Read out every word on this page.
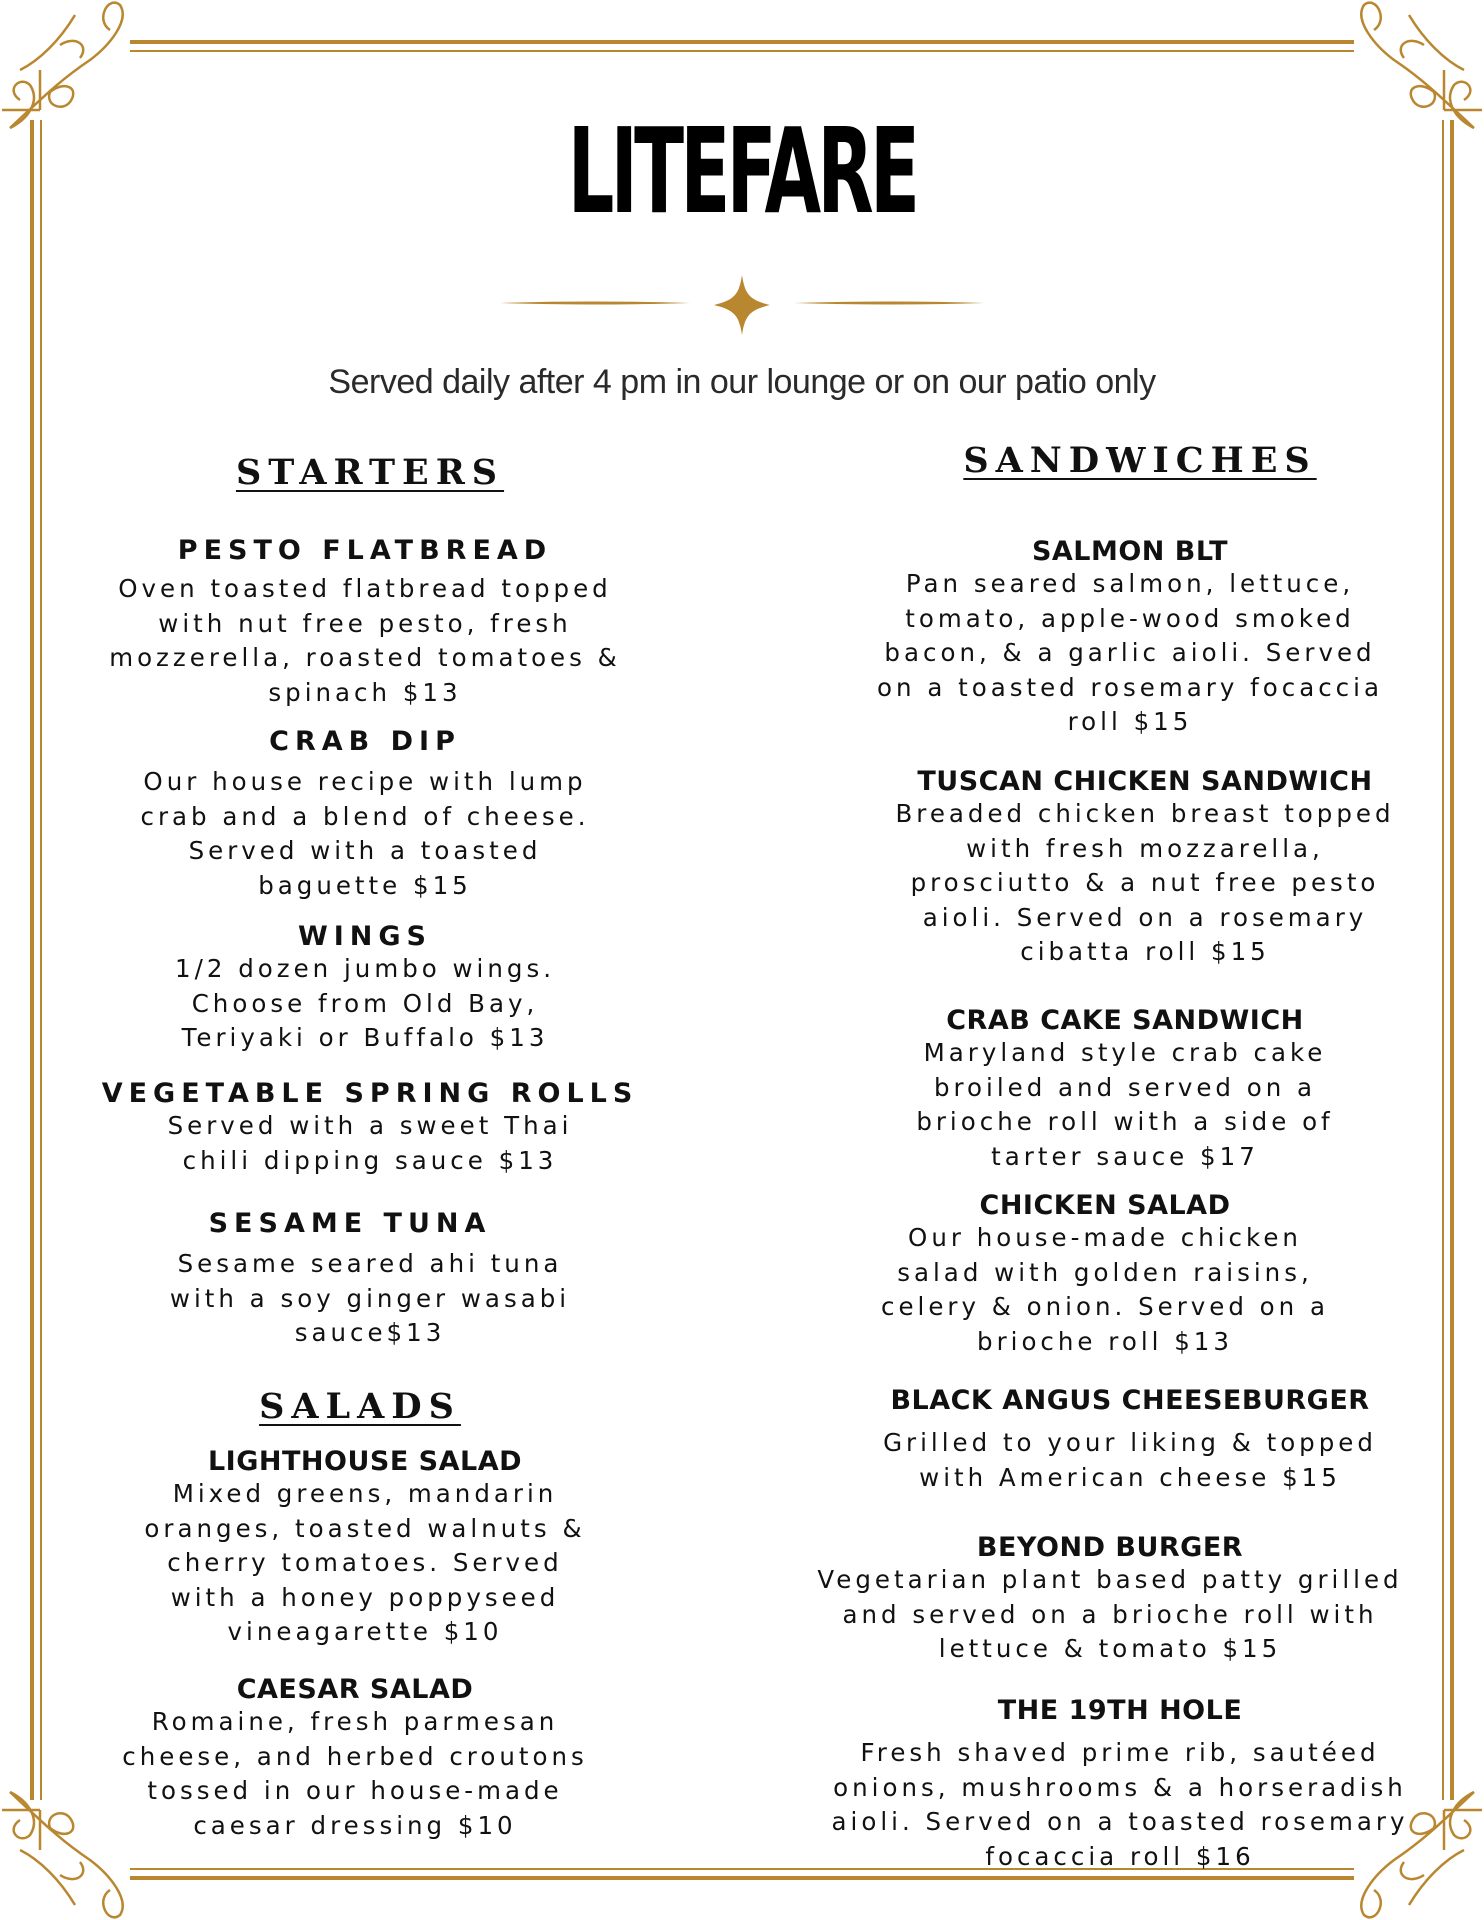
LITEFARE
Served daily after 4 pm in our lounge or on our patio only
STARTERS
PESTO FLATBREAD
Oven toasted flatbread topped with nut free pesto, fresh mozzerella, roasted tomatoes & spinach $13
CRAB DIP
Our house recipe with lump crab and a blend of cheese. Served with a toasted baguette $15
WINGS
1/2 dozen jumbo wings. Choose from Old Bay, Teriyaki or Buffalo $13
VEGETABLE SPRING ROLLS
Served with a sweet Thai chili dipping sauce $13
SESAME TUNA
Sesame seared ahi tuna with a soy ginger wasabi sauce$13
SALADS
LIGHTHOUSE SALAD
Mixed greens, mandarin oranges, toasted walnuts & cherry tomatoes. Served with a honey poppyseed vineagarette $10
CAESAR SALAD
Romaine, fresh parmesan cheese, and herbed croutons tossed in our house-made caesar dressing $10
SANDWICHES
SALMON BLT
Pan seared salmon, lettuce, tomato, apple-wood smoked bacon, & a garlic aioli. Served on a toasted rosemary focaccia roll $15
TUSCAN CHICKEN SANDWICH
Breaded chicken breast topped with fresh mozzarella, prosciutto & a nut free pesto aioli. Served on a rosemary cibatta roll $15
CRAB CAKE SANDWICH
Maryland style crab cake broiled and served on a brioche roll with a side of tarter sauce $17
CHICKEN SALAD
Our house-made chicken salad with golden raisins, celery & onion. Served on a brioche roll $13
BLACK ANGUS CHEESEBURGER
Grilled to your liking & topped with American cheese $15
BEYOND BURGER
Vegetarian plant based patty grilled and served on a brioche roll with lettuce & tomato $15
THE 19TH HOLE
Fresh shaved prime rib, sautéed onions, mushrooms & a horseradish aioli. Served on a toasted rosemary focaccia roll $16
